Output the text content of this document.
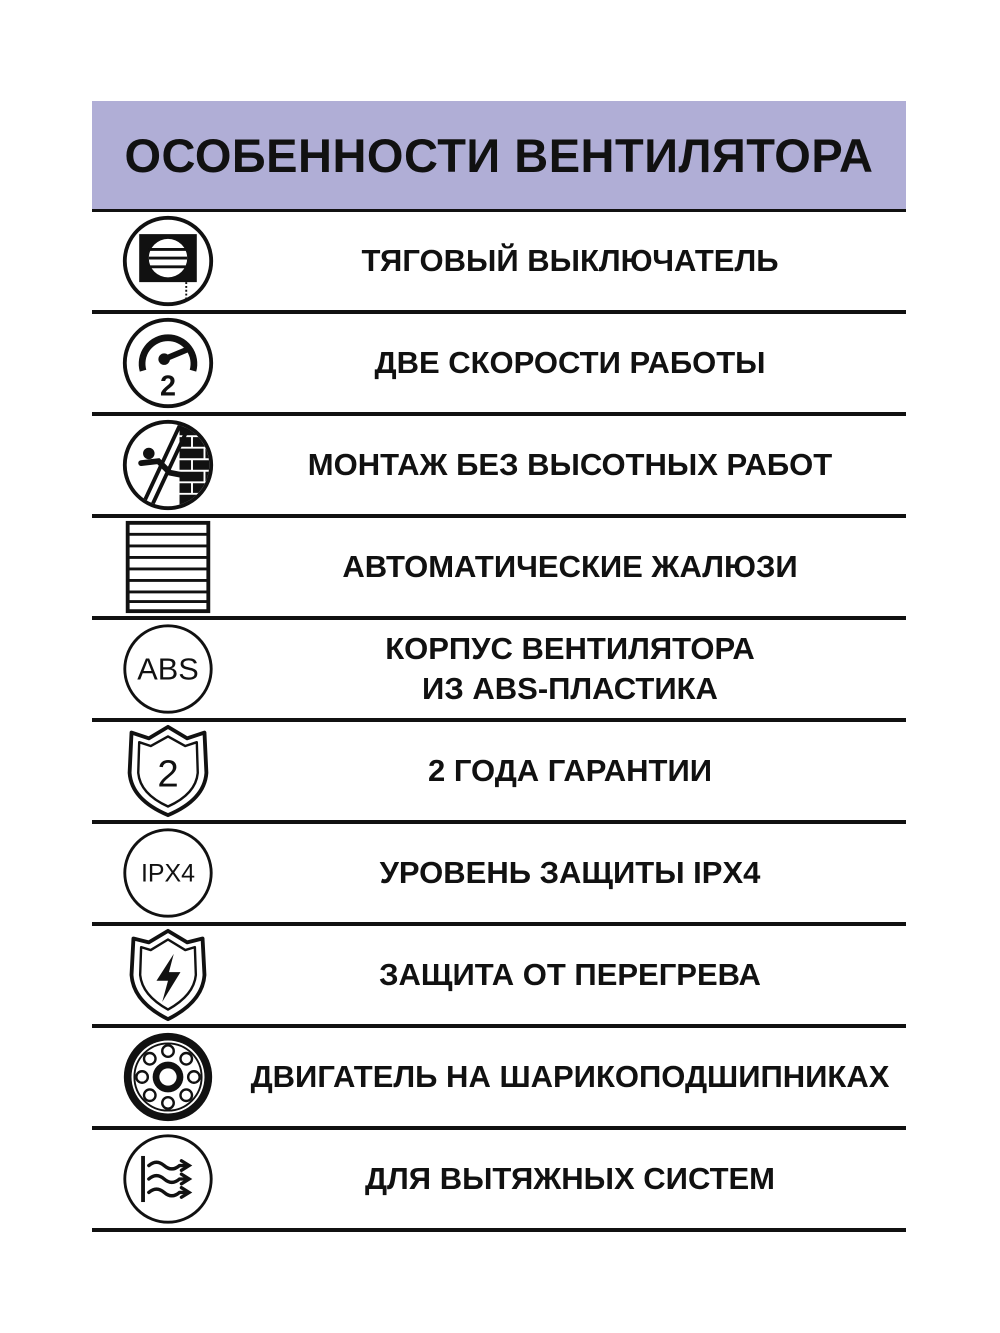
ОСОБЕННОСТИ ВЕНТИЛЯТОРА
ТЯГОВЫЙ ВЫКЛЮЧАТЕЛЬ
2
ДВЕ СКОРОСТИ РАБОТЫ
МОНТАЖ БЕЗ ВЫСОТНЫХ РАБОТ
АВТОМАТИЧЕСКИЕ ЖАЛЮЗИ
ABS
КОРПУС ВЕНТИЛЯТОРА
ИЗ ABS-ПЛАСТИКА
2	2 ГОДА ГАРАНТИИ
IPX4	УРОВЕНЬ ЗАЩИТЫ IPX4
ЗАЩИТА ОТ ПЕРЕГРЕВА
ДВИГАТЕЛЬ НА ШАРИКОПОДШИПНИКАХ
ДЛЯ ВЫТЯЖНЫХ СИСТЕМ
